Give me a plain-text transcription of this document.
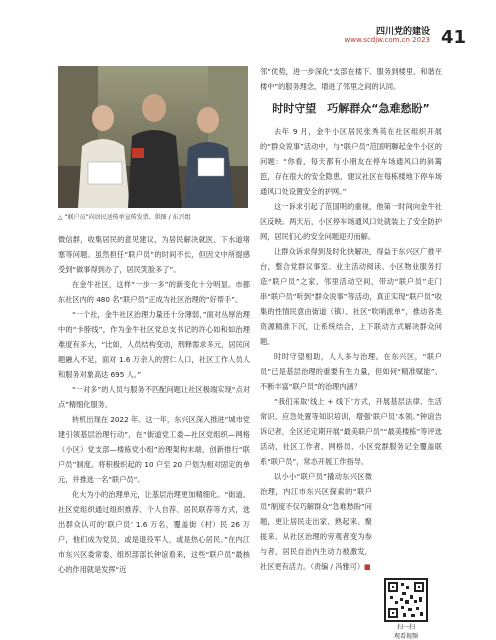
四川党的建设
www.scdjw.com.cn 2023 41
△ “联户员”向居民送传单宣传发票。供图 / 东兴组

微信群，收集居民的意见建议，为居民解决就医、下水道堵塞等问题。虽然担任“联户员”的时间不长，但因文中所提感受到“做事得到办了，居民笑脸多了”。

在金牛社区，这样“一步一多”的新变化十分明显。市都东社区内的 480 名“联户员”正成为社区治理的“好帮手”。

“一个社，金牛社区治理力量还十分薄弱，”面对丛厚治理中的“卡脖线”，作为金牛社区党总支书记的许心如和如治理难度有多大，“比如，人员结构变动，刑释需求多元，居民问题融入不足，面对 1.6 万余人的营仁人口，社区工作人员人和服务对象高达 695 人。”

“一对多”的人员与服务不匹配问题让社区极端实现“点对点”精细化服务。

转机出现在 2022 年。这一年，东兴区深入推进“城市党建引领基层治理行动”，在“街道党工委—社区党组织—网格（小区）党支部—楼栋党小组”治理架构末端，创新推行“联户员”制度。将积极织起的 10 户至 20 户划为相对固定的单元，并推选一名“联户员”。

化大为小的治理单元，让基层治理更加精细化。“街道、社区党组织通过组织推荐、个人自荐、居民联荐等方式，选出群众认可的‘联户员’ 1.6 万名，覆盖街（村）民 26 万户，他们成为党员，或是退役军人，或是热心居民。”在内江市东兴区委常委、组织部部长钟谊看来，这些“联户员”最核心的作用就是发挥“近

邻”优势，进一步深化“支部在楼下、服务到楼里、和谐在楼中”的服务理念，增进了邻里之间的认同。

时时守望　巧解群众“急难愁盼”

去年 9 月，金牛小区居民张秀英在社区组织开展的“群众说事”活动中，与“联户员”范国明聊起金牛小区的问题：“你看，每天都有小朋友在停车场通风口的斜篱笆，存在很大的安全隐患，建议社区在每栋楼地下停车场通风口处设置安全的护网。”

这一诉求引起了范国明的重视，他第一时间向金牛社区反映。两天后，小区停车场通风口处就装上了安全防护网，居民们心的安全问题迎刃而解。

让群众诉求得到及时化快解决，得益于东兴区广推平台，整合党群议事室、业主活动阅读、小区物业服务打造“联户员”之家，邻里活动空间，带动“联户员”走门串“联户员”听到“群众说事”等活动，真正实现“联户员”收集的性情民意由街道（镇）、社区“吹哨派单”，推动各类资源精准下沉，让系统结合，上下联动方式解决群众问题。

时时守望相助，人人多与治理。在东兴区，“联户员”已是基层治理的重要有生力量，但如何“精准赋能”、不断丰富“联户员”的治理内涵？

“我们采取‘线上 + 线下’方式，开展基层法律、生活常识、应急处置等知识培训，增强‘联户员’本领。”钟谊告诉记者，全区还定期开展“最美联户员”“最美楼栋”等评选活动，社区工作者、网格员、小区党群服务记全覆盖联系“联户员”，常态开展工作指导。

以小小“联户员”撬动东兴区微治理，内江市东兴区探索的“联户员”制度不仅巧解群众“急难愁盼”问题，更让居民走出家、熟起来、聚拢来、从社区治理的旁观者变为参与者，居民自治内生动力被激发，社区更有活力。（责编 / 冯雅可）■

扫一扫
观看视频
